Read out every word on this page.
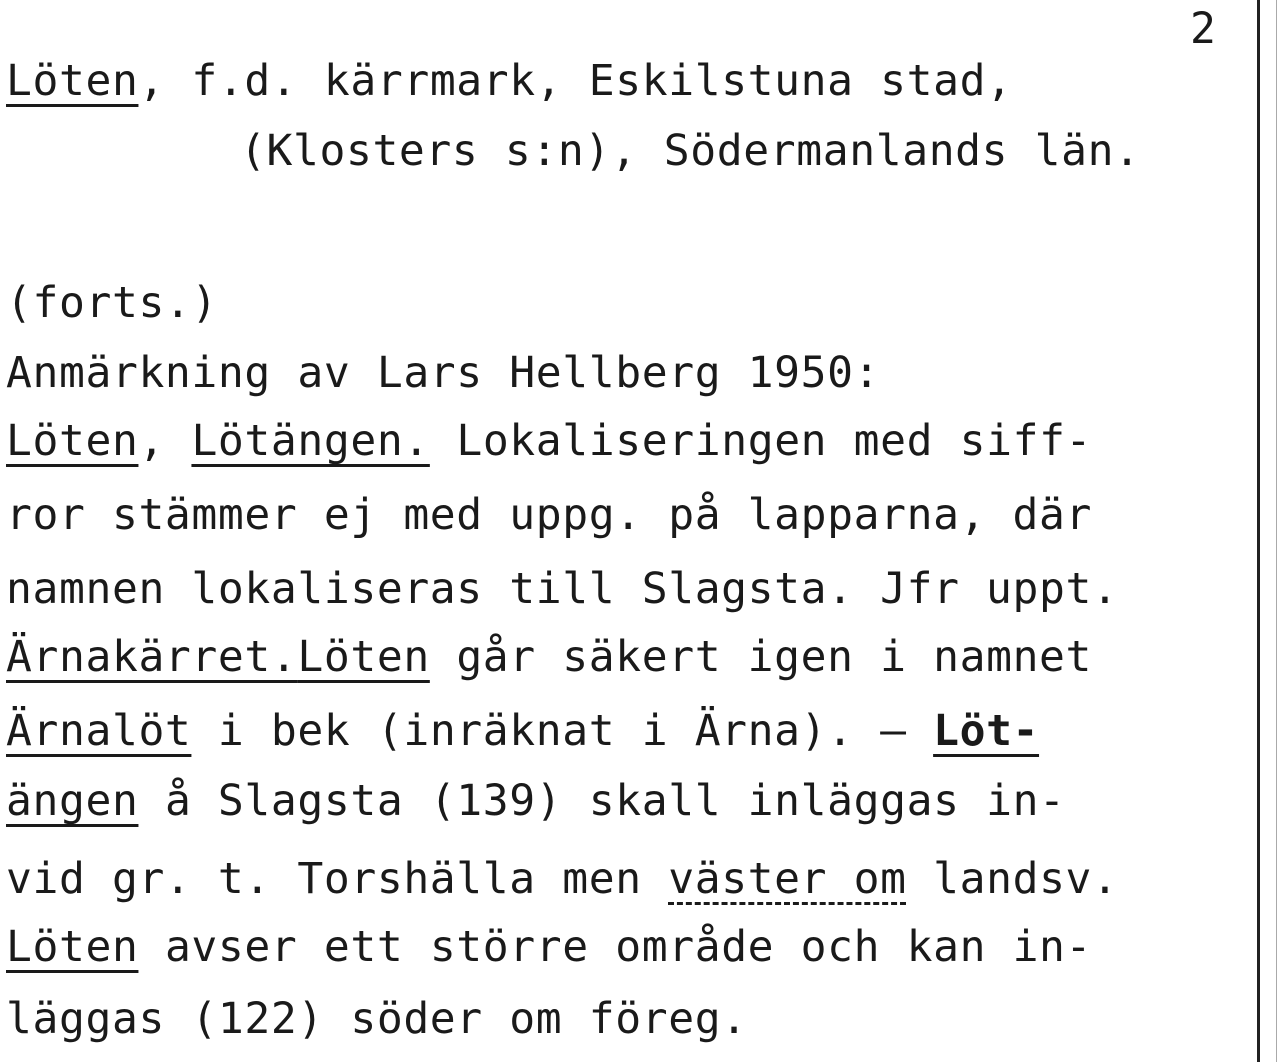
2
Löten, f.d. kärrmark, Eskilstuna stad,
(Klosters s:n), Södermanlands län.
(forts.)
Anmärkning av Lars Hellberg 1950:
Löten, Lötängen. Lokaliseringen med siff-
ror stämmer ej med uppg. på lapparna, där
namnen lokaliseras till Slagsta. Jfr uppt.
Ärnakärret.Löten går säkert igen i namnet
Ärnalöt i bek (inräknat i Ärna). — Löt-
ängen å Slagsta (139) skall inläggas in-
vid gr. t. Torshälla men väster om landsv.
Löten avser ett större område och kan in-
läggas (122) söder om föreg.
